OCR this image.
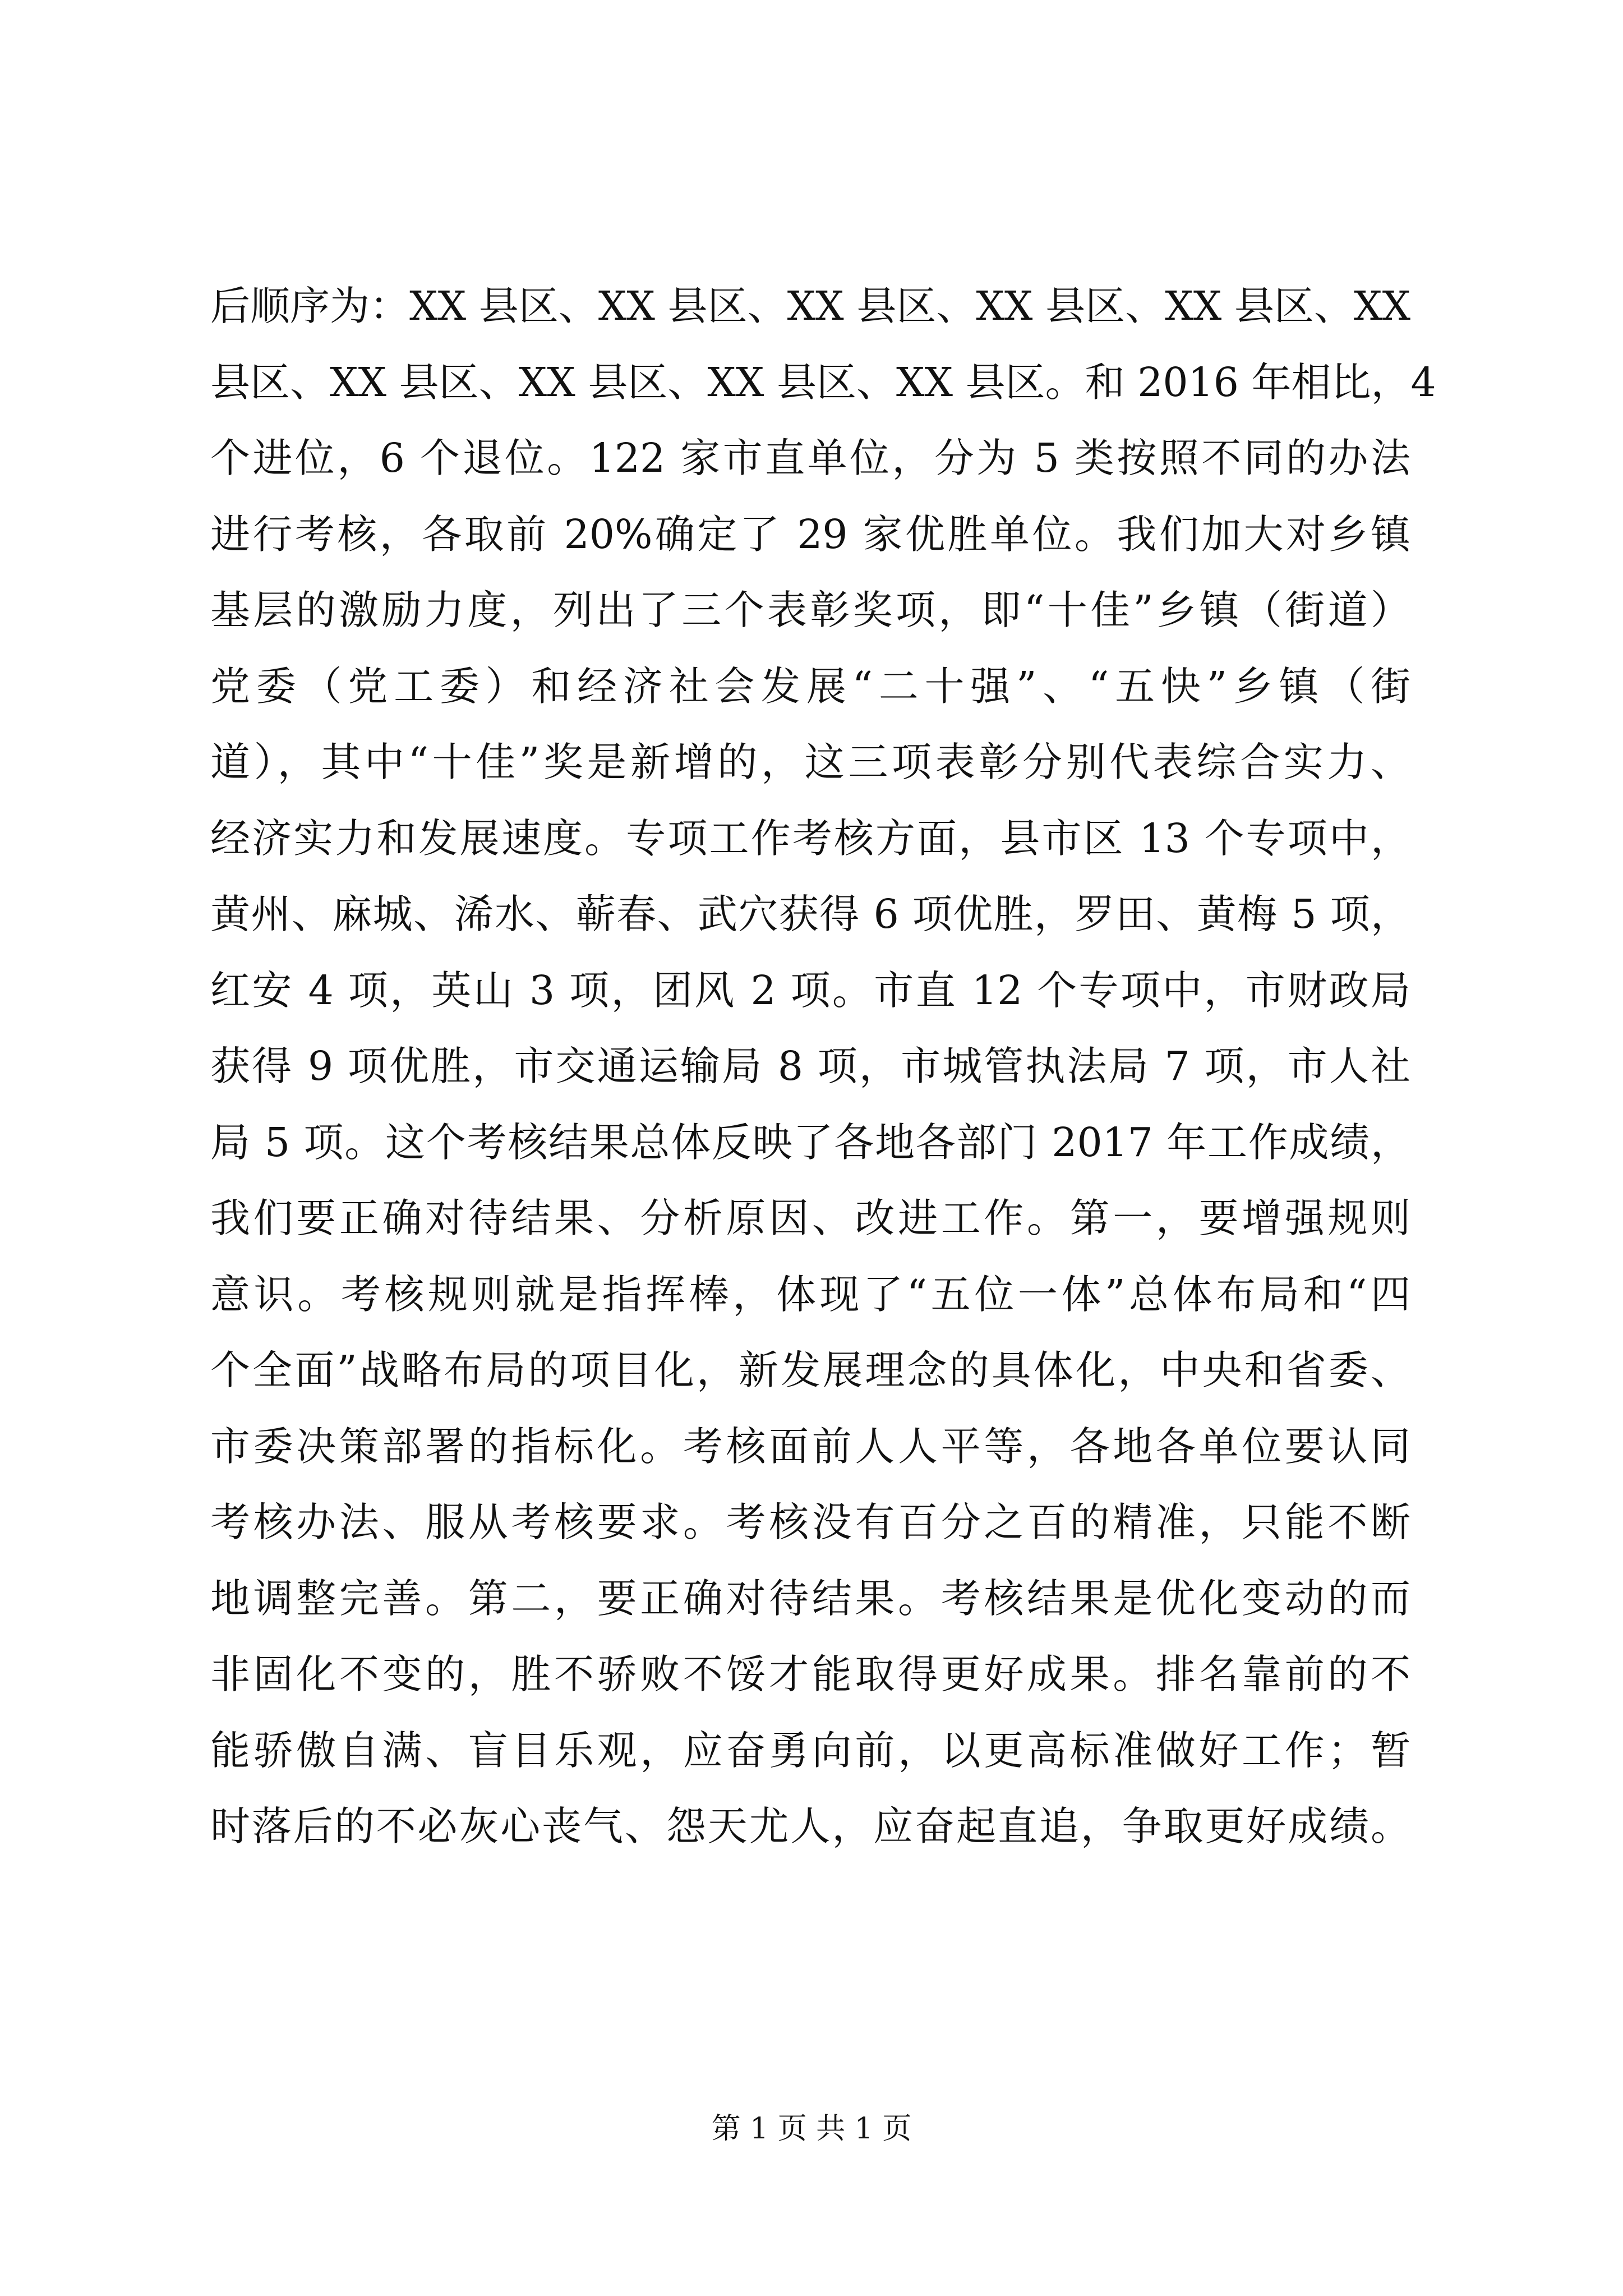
后顺序为：XX 县区、XX 县区、XX 县区、XX 县区、XX 县区、XX
县区、XX 县区、XX 县区、XX 县区、XX 县区。和 2016 年相比，4
个进位，6 个退位。122 家市直单位，分为 5 类按照不同的办法
进行考核，各取前 20%确定了 29 家优胜单位。我们加大对乡镇
基层的激励力度，列出了三个表彰奖项，即“十佳”乡镇（街道）
党委（党工委）和经济社会发展“二十强”、“五快”乡镇（街
道），其中“十佳”奖是新增的，这三项表彰分别代表综合实力、
经济实力和发展速度。专项工作考核方面，县市区 13 个专项中，
黄州、麻城、浠水、蕲春、武穴获得 6 项优胜，罗田、黄梅 5 项，
红安 4 项，英山 3 项，团风 2 项。市直 12 个专项中，市财政局
获得 9 项优胜，市交通运输局 8 项，市城管执法局 7 项，市人社
局 5 项。这个考核结果总体反映了各地各部门 2017 年工作成绩，
我们要正确对待结果、分析原因、改进工作。第一，要增强规则
意识。考核规则就是指挥棒，体现了“五位一体”总体布局和“四
个全面”战略布局的项目化，新发展理念的具体化，中央和省委、
市委决策部署的指标化。考核面前人人平等，各地各单位要认同
考核办法、服从考核要求。考核没有百分之百的精准，只能不断
地调整完善。第二，要正确对待结果。考核结果是优化变动的而
非固化不变的，胜不骄败不馁才能取得更好成果。排名靠前的不
能骄傲自满、盲目乐观，应奋勇向前，以更高标准做好工作；暂
时落后的不必灰心丧气、怨天尤人，应奋起直追，争取更好成绩。
第 1 页 共 1 页
